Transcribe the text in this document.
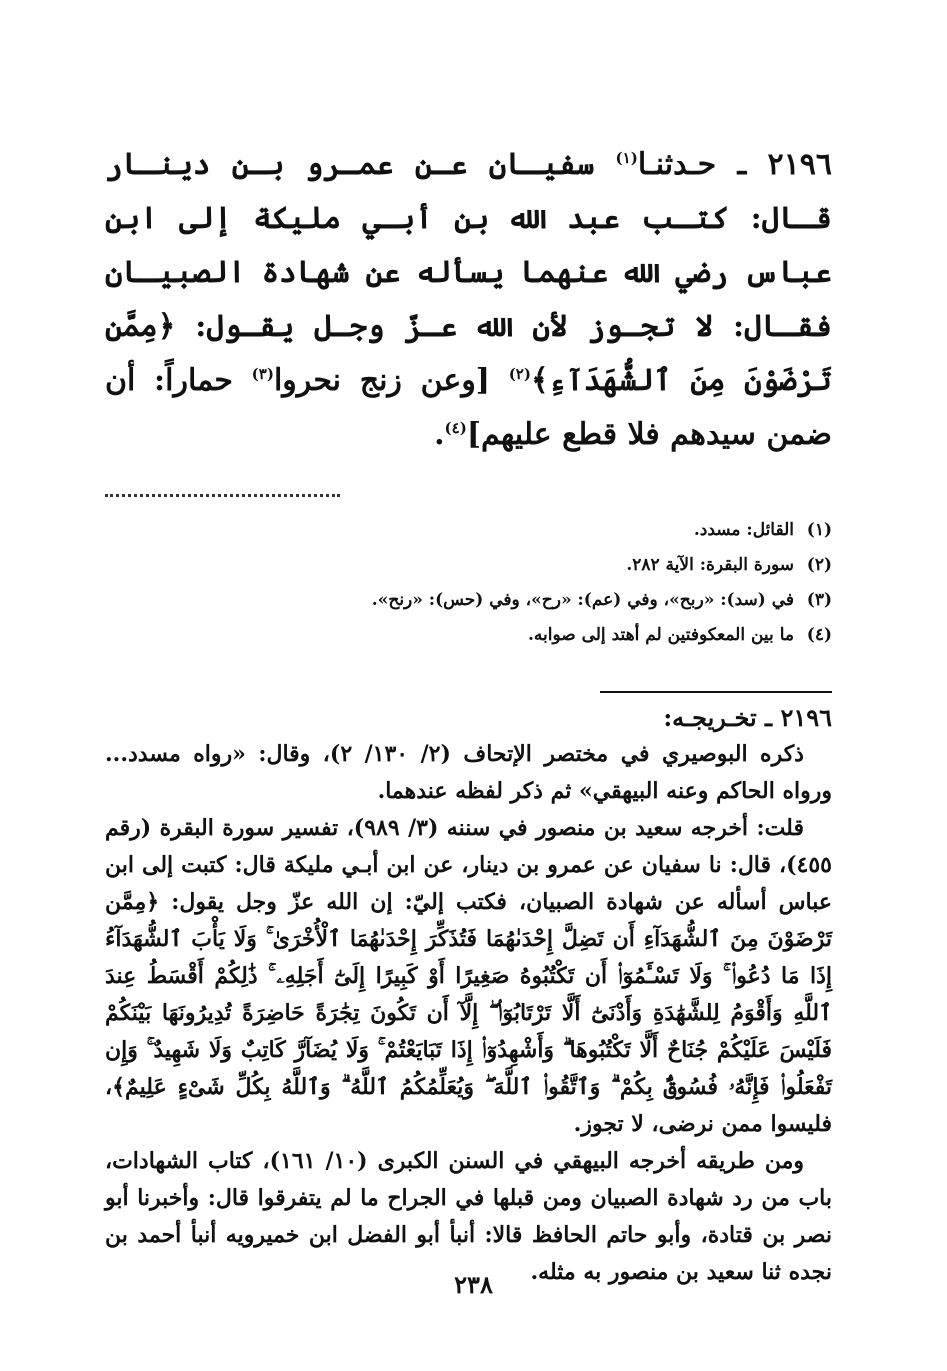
٢١٩٦ ـ حـدثنـا$^{(١)}$ سفيـان عـن عمـرو بـن دينـار قـال: كتـب عبد الله بن أبـي مليكة إلى ابن عباس رضي الله عنهما يسأله عن شهادة الصبيـان فقـال: لا تجـوز لأن الله عـزّ وجـل يقـول: ﴿مِمَّن تَرْضَوْنَ مِنَ ٱلشُّهَدَآءِ﴾$^{(٢)}$ [وعن زنج نحروا$^{(٣)}$ حماراً: أن ضمن سيدهم فلا قطع عليهم]$^{(٤)}$.

(١)القائل: مسدد.
(٢)سورة البقرة: الآية ٢٨٢.
(٣)في (سد): «ربح»، وفي (عم): «رح»، وفي (حس): «رنح».
(٤)ما بين المعكوفتين لم أهتد إلى صوابه.
٢١٩٦ ـ تخـريجـه:

ذكره البوصيري في مختصر الإتحاف (٢/ ١٣٠/ ٢)، وقال: «رواه مسدد... ورواه الحاكم وعنه البيهقي» ثم ذكر لفظه عندهما.

قلت: أخرجه سعيد بن منصور في سننه (٣/ ٩٨٩)، تفسير سورة البقرة (رقم ٤٥٥)، قال: نا سفيان عن عمرو بن دينار، عن ابن أبـي مليكة قال: كتبت إلى ابن عباس أسأله عن شهادة الصبيان، فكتب إليّ: إن الله عزّ وجل يقول: ﴿مِمَّن تَرْضَوْنَ مِنَ ٱلشُّهَدَآءِ أَن تَضِلَّ إِحْدَىٰهُمَا فَتُذَكِّرَ إِحْدَىٰهُمَا ٱلْأُخْرَىٰ ۚ وَلَا يَأْبَ ٱلشُّهَدَآءُ إِذَا مَا دُعُوا۟ ۚ وَلَا تَسْـَٔمُوٓا۟ أَن تَكْتُبُوهُ صَغِيرًا أَوْ كَبِيرًا إِلَىٰٓ أَجَلِهِۦ ۚ ذَٰلِكُمْ أَقْسَطُ عِندَ ٱللَّهِ وَأَقْوَمُ لِلشَّهَٰدَةِ وَأَدْنَىٰٓ أَلَّا تَرْتَابُوٓا۟ ۖ إِلَّآ أَن تَكُونَ تِجَٰرَةً حَاضِرَةً تُدِيرُونَهَا بَيْنَكُمْ فَلَيْسَ عَلَيْكُمْ جُنَاحٌ أَلَّا تَكْتُبُوهَا ۗ وَأَشْهِدُوٓا۟ إِذَا تَبَايَعْتُمْ ۚ وَلَا يُضَآرَّ كَاتِبٌ وَلَا شَهِيدٌ ۚ وَإِن تَفْعَلُوا۟ فَإِنَّهُۥ فُسُوقٌۢ بِكُمْ ۗ وَٱتَّقُوا۟ ٱللَّهَ ۖ وَيُعَلِّمُكُمُ ٱللَّهُ ۗ وَٱللَّهُ بِكُلِّ شَىْءٍ عَلِيمٌ﴾، فليسوا ممن نرضى، لا تجوز.

ومن طريقه أخرجه البيهقي في السنن الكبرى (١٠/ ١٦١)، كتاب الشهادات، باب من رد شهادة الصبيان ومن قبلها في الجراح ما لم يتفرقوا قال: وأخبرنا أبو نصر بن قتادة، وأبو حاتم الحافظ قالا: أنبأ أبو الفضل ابن خميرويه أنبأ أحمد بن نجده ثنا سعيد بن منصور به مثله.

٢٣٨
